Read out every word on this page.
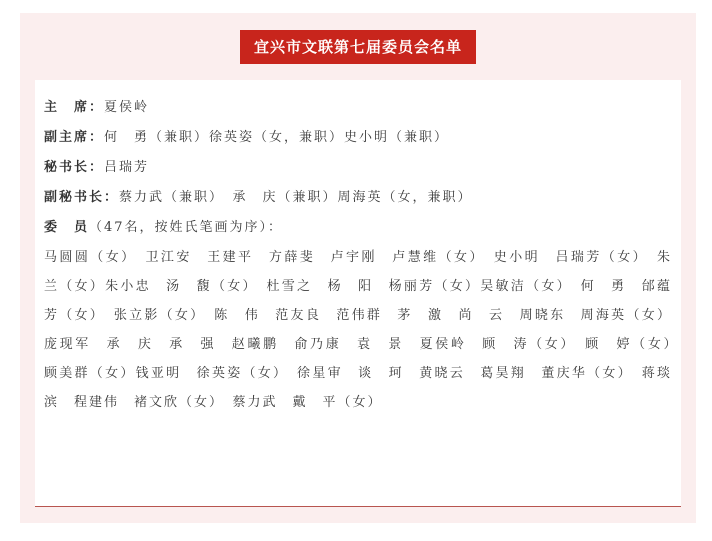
宜兴市文联第七届委员会名单
主　席：夏侯岭
副主席：何　勇（兼职）徐英姿（女，兼职）史小明（兼职）
秘书长：吕瑞芳
副秘书长：蔡力武（兼职）　承　庆（兼职）周海英（女，兼职）
委　员（47名，按姓氏笔画为序）：
马圆圆（女）　卫江安　王建平　方薛斐　卢宇刚　卢慧维（女）　史小明　吕瑞芳（女）　朱　兰（女）朱小忠　汤　馥（女）　杜雪之　杨　阳　杨丽芳（女）吴敏洁（女）　何　勇　邰蕴芳（女）　张立影（女）　陈　伟　范友良　范伟群　茅　激　尚　云　周晓东　周海英（女）庞现军　承　庆　承　强　赵曦鹏　俞乃康　袁　景　夏侯岭　顾　涛（女）　顾　婷（女）　顾美群（女）钱亚明　徐英姿（女）　徐星审　谈　珂　黄晓云　葛昊翔　董庆华（女）　蒋琰滨　程建伟　褚文欣（女）　蔡力武　戴　平（女）
